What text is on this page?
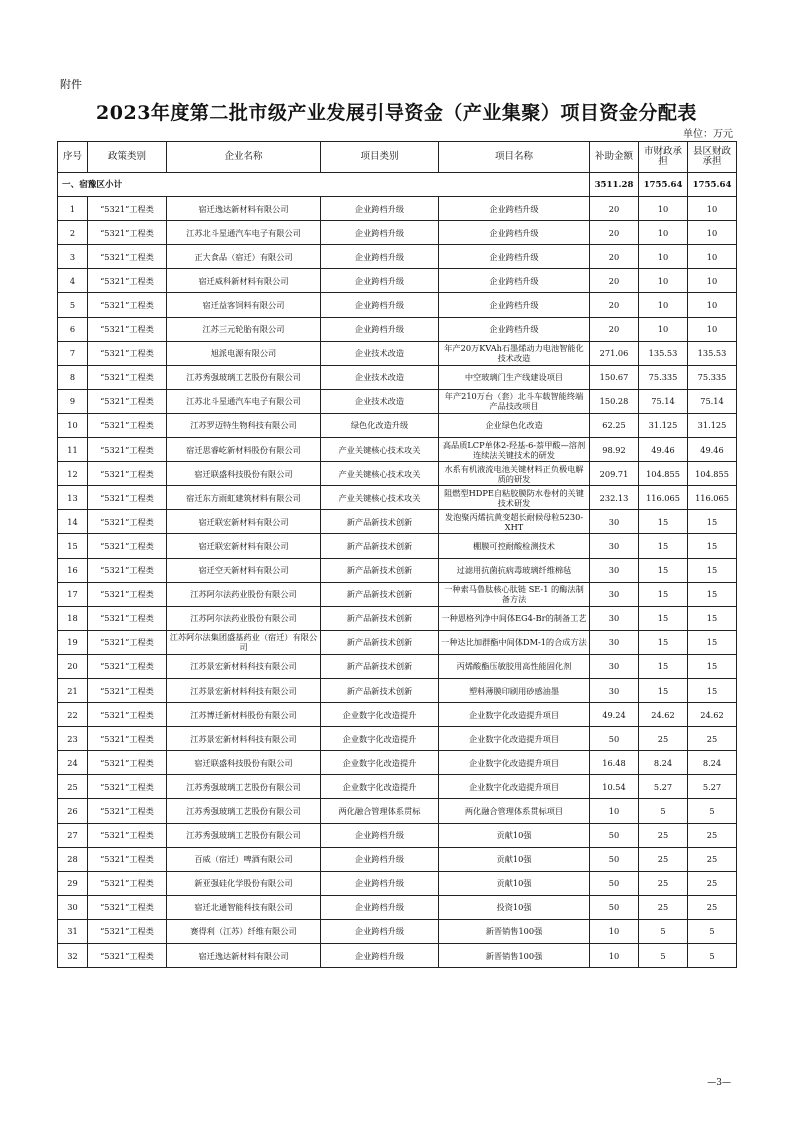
附件
2023年度第二批市级产业发展引导资金（产业集聚）项目资金分配表
单位：万元
序号	政策类别	企业名称	项目类别	项目名称	补助金额	市财政承担	县区财政承担
一、宿豫区小计					3511.28	1755.64	1755.64
1	“5321”工程类	宿迁逸达新材料有限公司	企业跨档升级	企业跨档升级	20	10	10
2	“5321”工程类	江苏北斗星通汽车电子有限公司	企业跨档升级	企业跨档升级	20	10	10
3	“5321”工程类	正大食品（宿迁）有限公司	企业跨档升级	企业跨档升级	20	10	10
4	“5321”工程类	宿迁威科新材料有限公司	企业跨档升级	企业跨档升级	20	10	10
5	“5321”工程类	宿迁益客饲料有限公司	企业跨档升级	企业跨档升级	20	10	10
6	“5321”工程类	江苏三元轮胎有限公司	企业跨档升级	企业跨档升级	20	10	10
7	“5321”工程类	旭派电源有限公司	企业技术改造	年产20万KVAh石墨烯动力电池智能化技术改造	271.06	135.53	135.53
8	“5321”工程类	江苏秀强玻璃工艺股份有限公司	企业技术改造	中空玻璃门生产线建设项目	150.67	75.335	75.335
9	“5321”工程类	江苏北斗星通汽车电子有限公司	企业技术改造	年产210万台（套）北斗车载智能终端产品技改项目	150.28	75.14	75.14
10	“5321”工程类	江苏罗迈特生物科技有限公司	绿色化改造升级	企业绿色化改造	62.25	31.125	31.125
11	“5321”工程类	宿迁思睿屹新材料股份有限公司	产业关键核心技术攻关	高品质LCP单体2-羟基-6-萘甲酸—溶剂连续法关键技术的研发	98.92	49.46	49.46
12	“5321”工程类	宿迁联盛科技股份有限公司	产业关键核心技术攻关	水系有机液流电池关键材料正负极电解质的研发	209.71	104.855	104.855
13	“5321”工程类	宿迁东方雨虹建筑材料有限公司	产业关键核心技术攻关	阻燃型HDPE自粘胶膜防水卷材的关键技术研发	232.13	116.065	116.065
14	“5321”工程类	宿迁联宏新材料有限公司	新产品新技术创新	发泡聚丙烯抗黄变超长耐候母粒5230-XHT	30	15	15
15	“5321”工程类	宿迁联宏新材料有限公司	新产品新技术创新	棚膜可控耐酸检测技术	30	15	15
16	“5321”工程类	宿迁空天新材料有限公司	新产品新技术创新	过滤用抗菌抗病毒玻璃纤维棉毡	30	15	15
17	“5321”工程类	江苏阿尔法药业股份有限公司	新产品新技术创新	一种索马鲁肽核心肽链 SE-1 的酶法制备方法	30	15	15
18	“5321”工程类	江苏阿尔法药业股份有限公司	新产品新技术创新	一种恩格列净中间体EG4-Br的制备工艺	30	15	15
19	“5321”工程类	江苏阿尔法集团盛基药业（宿迁）有限公司	新产品新技术创新	一种达比加群酯中间体DM-1的合成方法	30	15	15
20	“5321”工程类	江苏景宏新材料科技有限公司	新产品新技术创新	丙烯酸酯压敏胶用高性能固化剂	30	15	15
21	“5321”工程类	江苏景宏新材料科技有限公司	新产品新技术创新	塑料薄膜印刷用砂感油墨	30	15	15
22	“5321”工程类	江苏博迁新材料股份有限公司	企业数字化改造提升	企业数字化改造提升项目	49.24	24.62	24.62
23	“5321”工程类	江苏景宏新材料科技有限公司	企业数字化改造提升	企业数字化改造提升项目	50	25	25
24	“5321”工程类	宿迁联盛科技股份有限公司	企业数字化改造提升	企业数字化改造提升项目	16.48	8.24	8.24
25	“5321”工程类	江苏秀强玻璃工艺股份有限公司	企业数字化改造提升	企业数字化改造提升项目	10.54	5.27	5.27
26	“5321”工程类	江苏秀强玻璃工艺股份有限公司	两化融合管理体系贯标	两化融合管理体系贯标项目	10	5	5
27	“5321”工程类	江苏秀强玻璃工艺股份有限公司	企业跨档升级	贡献10强	50	25	25
28	“5321”工程类	百威（宿迁）啤酒有限公司	企业跨档升级	贡献10强	50	25	25
29	“5321”工程类	新亚强硅化学股份有限公司	企业跨档升级	贡献10强	50	25	25
30	“5321”工程类	宿迁北通智能科技有限公司	企业跨档升级	投资10强	50	25	25
31	“5321”工程类	赛得利（江苏）纤维有限公司	企业跨档升级	新晋销售100强	10	5	5
32	“5321”工程类	宿迁逸达新材料有限公司	企业跨档升级	新晋销售100强	10	5	5
—3—
